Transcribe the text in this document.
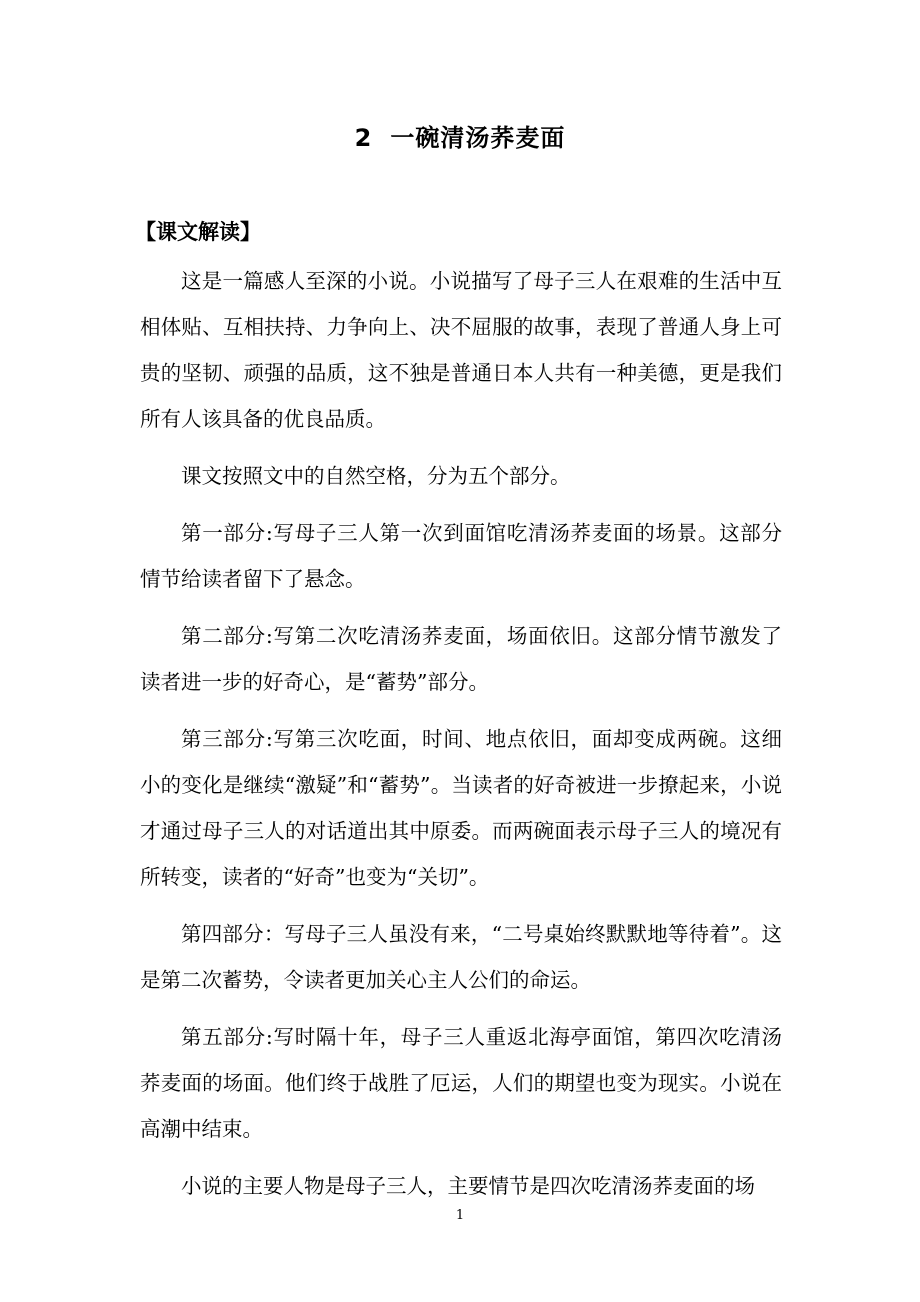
2 一碗清汤荞麦面
【课文解读】

这是一篇感人至深的小说。小说描写了母子三人在艰难的生活中互相体贴、互相扶持、力争向上、决不屈服的故事，表现了普通人身上可贵的坚韧、顽强的品质，这不独是普通日本人共有一种美德，更是我们所有人该具备的优良品质。

课文按照文中的自然空格，分为五个部分。

第一部分:写母子三人第一次到面馆吃清汤荞麦面的场景。这部分情节给读者留下了悬念。

第二部分:写第二次吃清汤荞麦面，场面依旧。这部分情节激发了读者进一步的好奇心，是“蓄势”部分。

第三部分:写第三次吃面，时间、地点依旧，面却变成两碗。这细小的变化是继续“激疑”和“蓄势”。当读者的好奇被进一步撩起来，小说才通过母子三人的对话道出其中原委。而两碗面表示母子三人的境况有所转变，读者的“好奇”也变为“关切”。

第四部分：写母子三人虽没有来，“二号桌始终默默地等待着”。这是第二次蓄势，令读者更加关心主人公们的命运。

第五部分:写时隔十年，母子三人重返北海亭面馆，第四次吃清汤荞麦面的场面。他们终于战胜了厄运，人们的期望也变为现实。小说在高潮中结束。

小说的主要人物是母子三人，主要情节是四次吃清汤荞麦面的场

1
